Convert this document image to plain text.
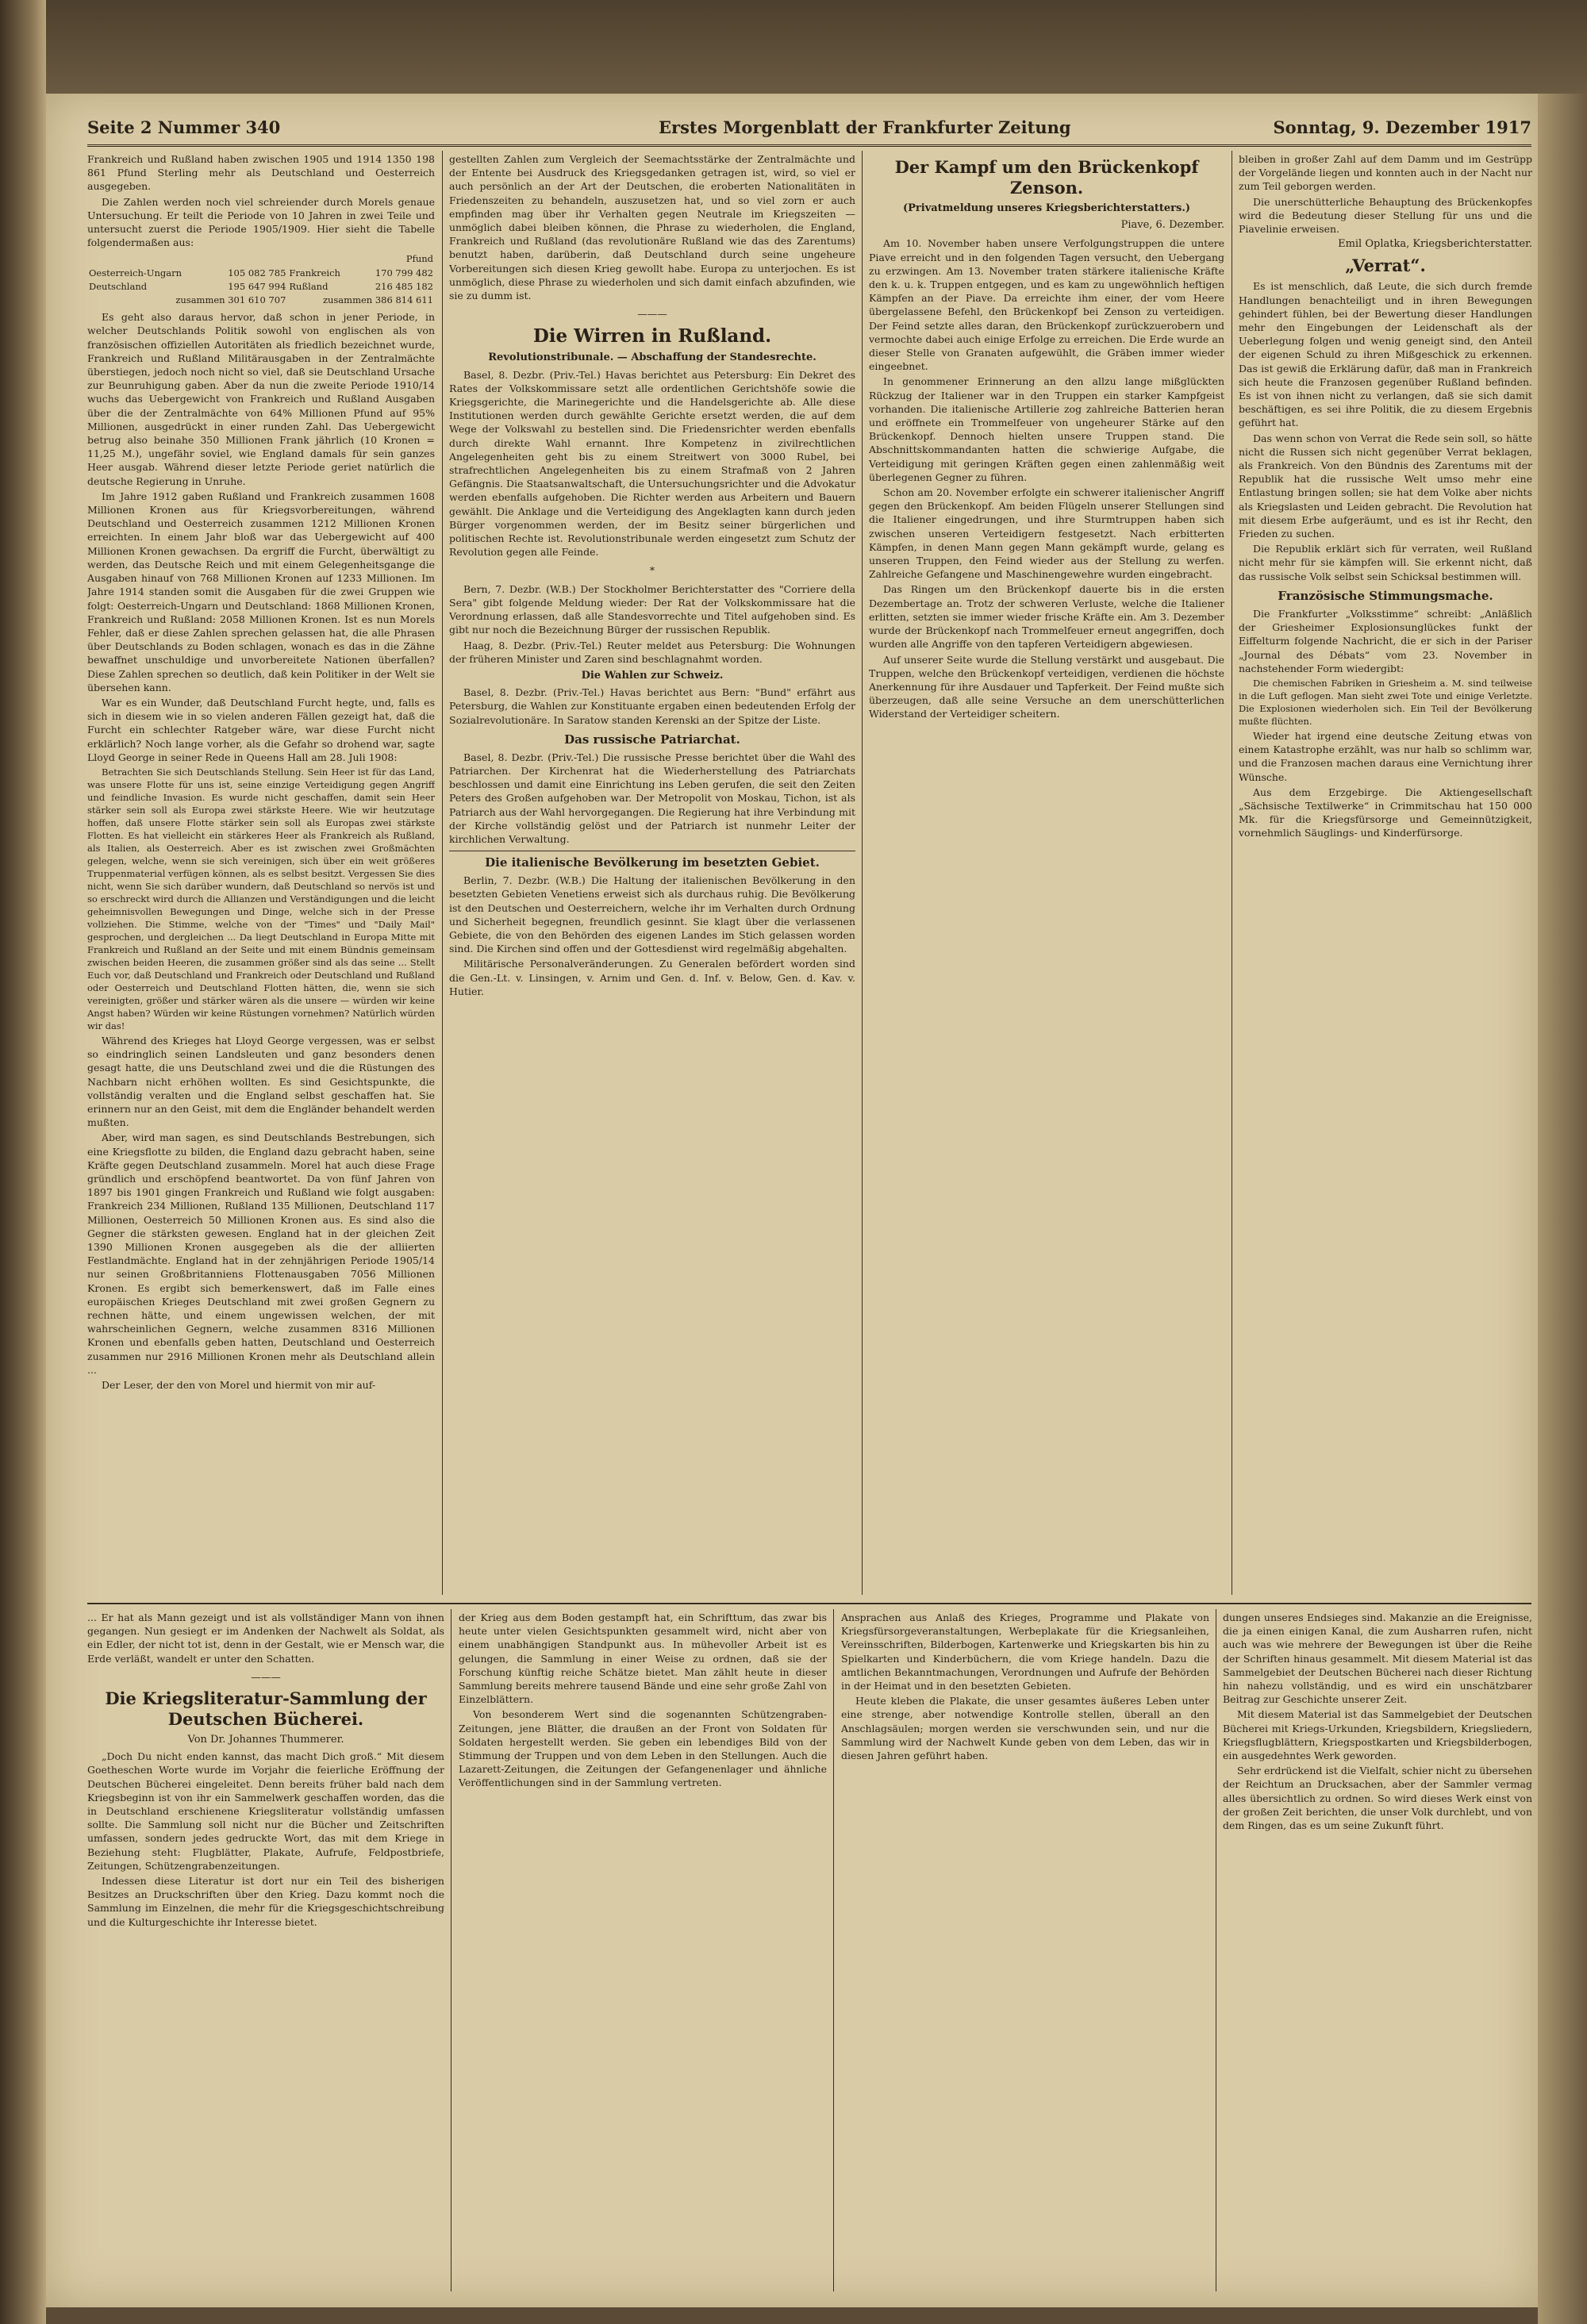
Seite 2 Nummer 340	Erstes Morgenblatt der Frankfurter Zeitung	Sonntag, 9. Dezember 1917

Frankreich und Rußland haben zwischen 1905 und 1914 1350 198 861 Pfund Sterling mehr als Deutschland und Oesterreich ausgegeben.

Die Zahlen werden noch viel schreiender durch Morels genaue Untersuchung. Er teilt die Periode von 10 Jahren in zwei Teile und untersucht zuerst die Periode 1905/1909. Hier sieht die Tabelle folgendermaßen aus:

Pfund			
Oesterreich-Ungarn	105 082 785	Frankreich	170 799 482
Deutschland	195 647 994	Rußland	216 485 182
zusammen 301 610 707		zusammen 386 814 611	

Es geht also daraus hervor, daß schon in jener Periode, in welcher Deutschlands Politik sowohl von englischen als von französischen offiziellen Autoritäten als friedlich bezeichnet wurde, Frankreich und Rußland Militärausgaben in der Zentralmächte überstiegen, jedoch noch nicht so viel, daß sie Deutschland Ursache zur Beunruhigung gaben. Aber da nun die zweite Periode 1910/14 wuchs das Uebergewicht von Frankreich und Rußland Ausgaben über die der Zentralmächte von 64% Millionen Pfund auf 95% Millionen, ausgedrückt in einer runden Zahl. Das Uebergewicht betrug also beinahe 350 Millionen Frank jährlich (10 Kronen = 11,25 M.), ungefähr soviel, wie England damals für sein ganzes Heer ausgab. Während dieser letzte Periode geriet natürlich die deutsche Regierung in Unruhe.

Im Jahre 1912 gaben Rußland und Frankreich zusammen 1608 Millionen Kronen aus für Kriegsvorbereitungen, während Deutschland und Oesterreich zusammen 1212 Millionen Kronen erreichten. In einem Jahr bloß war das Uebergewicht auf 400 Millionen Kronen gewachsen. Da ergriff die Furcht, überwältigt zu werden, das Deutsche Reich und mit einem Gelegenheitsgange die Ausgaben hinauf von 768 Millionen Kronen auf 1233 Millionen. Im Jahre 1914 standen somit die Ausgaben für die zwei Gruppen wie folgt: Oesterreich-Ungarn und Deutschland: 1868 Millionen Kronen, Frankreich und Rußland: 2058 Millionen Kronen. Ist es nun Morels Fehler, daß er diese Zahlen sprechen gelassen hat, die alle Phrasen über Deutschlands zu Boden schlagen, wonach es das in die Zähne bewaffnet unschuldige und unvorbereitete Nationen überfallen? Diese Zahlen sprechen so deutlich, daß kein Politiker in der Welt sie übersehen kann.

War es ein Wunder, daß Deutschland Furcht hegte, und, falls es sich in diesem wie in so vielen anderen Fällen gezeigt hat, daß die Furcht ein schlechter Ratgeber wäre, war diese Furcht nicht erklärlich? Noch lange vorher, als die Gefahr so drohend war, sagte Lloyd George in seiner Rede in Queens Hall am 28. Juli 1908:

Betrachten Sie sich Deutschlands Stellung. Sein Heer ist für das Land, was unsere Flotte für uns ist, seine einzige Verteidigung gegen Angriff und feindliche Invasion. Es wurde nicht geschaffen, damit sein Heer stärker sein soll als Europa zwei stärkste Heere. Wie wir heutzutage hoffen, daß unsere Flotte stärker sein soll als Europas zwei stärkste Flotten. Es hat vielleicht ein stärkeres Heer als Frankreich als Rußland, als Italien, als Oesterreich. Aber es ist zwischen zwei Großmächten gelegen, welche, wenn sie sich vereinigen, sich über ein weit größeres Truppenmaterial verfügen können, als es selbst besitzt. Vergessen Sie dies nicht, wenn Sie sich darüber wundern, daß Deutschland so nervös ist und so erschreckt wird durch die Allianzen und Verständigungen und die leicht geheimnisvollen Bewegungen und Dinge, welche sich in der Presse vollziehen. Die Stimme, welche von der "Times" und "Daily Mail" gesprochen, und dergleichen ... Da liegt Deutschland in Europa Mitte mit Frankreich und Rußland an der Seite und mit einem Bündnis gemeinsam zwischen beiden Heeren, die zusammen größer sind als das seine ... Stellt Euch vor, daß Deutschland und Frankreich oder Deutschland und Rußland oder Oesterreich und Deutschland Flotten hätten, die, wenn sie sich vereinigten, größer und stärker wären als die unsere — würden wir keine Angst haben? Würden wir keine Rüstungen vornehmen? Natürlich würden wir das!

Während des Krieges hat Lloyd George vergessen, was er selbst so eindringlich seinen Landsleuten und ganz besonders denen gesagt hatte, die uns Deutschland zwei und die die Rüstungen des Nachbarn nicht erhöhen wollten. Es sind Gesichtspunkte, die vollständig veralten und die England selbst geschaffen hat. Sie erinnern nur an den Geist, mit dem die Engländer behandelt werden mußten.

Aber, wird man sagen, es sind Deutschlands Bestrebungen, sich eine Kriegsflotte zu bilden, die England dazu gebracht haben, seine Kräfte gegen Deutschland zusammeln. Morel hat auch diese Frage gründlich und erschöpfend beantwortet. Da von fünf Jahren von 1897 bis 1901 gingen Frankreich und Rußland wie folgt ausgaben: Frankreich 234 Millionen, Rußland 135 Millionen, Deutschland 117 Millionen, Oesterreich 50 Millionen Kronen aus. Es sind also die Gegner die stärksten gewesen. England hat in der gleichen Zeit 1390 Millionen Kronen ausgegeben als die der alliierten Festlandmächte. England hat in der zehnjährigen Periode 1905/14 nur seinen Großbritanniens Flottenausgaben 7056 Millionen Kronen. Es ergibt sich bemerkenswert, daß im Falle eines europäischen Krieges Deutschland mit zwei großen Gegnern zu rechnen hätte, und einem ungewissen welchen, der mit wahrscheinlichen Gegnern, welche zusammen 8316 Millionen Kronen und ebenfalls geben hatten, Deutschland und Oesterreich zusammen nur 2916 Millionen Kronen mehr als Deutschland allein ...

Der Leser, der den von Morel und hiermit von mir auf-

gestellten Zahlen zum Vergleich der Seemachtsstärke der Zentralmächte und der Entente bei Ausdruck des Kriegsgedanken getragen ist, wird, so viel er auch persönlich an der Art der Deutschen, die eroberten Nationalitäten in Friedenszeiten zu behandeln, auszusetzen hat, und so viel zorn er auch empfinden mag über ihr Verhalten gegen Neutrale im Kriegszeiten — unmöglich dabei bleiben können, die Phrase zu wiederholen, die England, Frankreich und Rußland (das revolutionäre Rußland wie das des Zarentums) benutzt haben, darüberin, daß Deutschland durch seine ungeheure Vorbereitungen sich diesen Krieg gewollt habe. Europa zu unterjochen. Es ist unmöglich, diese Phrase zu wiederholen und sich damit einfach abzufinden, wie sie zu dumm ist.

———
Die Wirren in Rußland.
Revolutionstribunale. — Abschaffung der Standesrechte.

Basel, 8. Dezbr. (Priv.-Tel.) Havas berichtet aus Petersburg: Ein Dekret des Rates der Volkskommissare setzt alle ordentlichen Gerichtshöfe sowie die Kriegsgerichte, die Marinegerichte und die Handelsgerichte ab. Alle diese Institutionen werden durch gewählte Gerichte ersetzt werden, die auf dem Wege der Volkswahl zu bestellen sind. Die Friedensrichter werden ebenfalls durch direkte Wahl ernannt. Ihre Kompetenz in zivilrechtlichen Angelegenheiten geht bis zu einem Streitwert von 3000 Rubel, bei strafrechtlichen Angelegenheiten bis zu einem Strafmaß von 2 Jahren Gefängnis. Die Staatsanwaltschaft, die Untersuchungsrichter und die Advokatur werden ebenfalls aufgehoben. Die Richter werden aus Arbeitern und Bauern gewählt. Die Anklage und die Verteidigung des Angeklagten kann durch jeden Bürger vorgenommen werden, der im Besitz seiner bürgerlichen und politischen Rechte ist. Revolutionstribunale werden eingesetzt zum Schutz der Revolution gegen alle Feinde.

*

Bern, 7. Dezbr. (W.B.) Der Stockholmer Berichterstatter des "Corriere della Sera" gibt folgende Meldung wieder: Der Rat der Volkskommissare hat die Verordnung erlassen, daß alle Standesvorrechte und Titel aufgehoben sind. Es gibt nur noch die Bezeichnung Bürger der russischen Republik.

Haag, 8. Dezbr. (Priv.-Tel.) Reuter meldet aus Petersburg: Die Wohnungen der früheren Minister und Zaren sind beschlagnahmt worden.

Die Wahlen zur Schweiz.

Basel, 8. Dezbr. (Priv.-Tel.) Havas berichtet aus Bern: "Bund" erfährt aus Petersburg, die Wahlen zur Konstituante ergaben einen bedeutenden Erfolg der Sozialrevolutionäre. In Saratow standen Kerenski an der Spitze der Liste.

Das russische Patriarchat.

Basel, 8. Dezbr. (Priv.-Tel.) Die russische Presse berichtet über die Wahl des Patriarchen. Der Kirchenrat hat die Wiederherstellung des Patriarchats beschlossen und damit eine Einrichtung ins Leben gerufen, die seit den Zeiten Peters des Großen aufgehoben war. Der Metropolit von Moskau, Tichon, ist als Patriarch aus der Wahl hervorgegangen. Die Regierung hat ihre Verbindung mit der Kirche vollständig gelöst und der Patriarch ist nunmehr Leiter der kirchlichen Verwaltung.

Die italienische Bevölkerung im besetzten Gebiet.

Berlin, 7. Dezbr. (W.B.) Die Haltung der italienischen Bevölkerung in den besetzten Gebieten Venetiens erweist sich als durchaus ruhig. Die Bevölkerung ist den Deutschen und Oesterreichern, welche ihr im Verhalten durch Ordnung und Sicherheit begegnen, freundlich gesinnt. Sie klagt über die verlassenen Gebiete, die von den Behörden des eigenen Landes im Stich gelassen worden sind. Die Kirchen sind offen und der Gottesdienst wird regelmäßig abgehalten.

Militärische Personalveränderungen. Zu Generalen befördert worden sind die Gen.-Lt. v. Linsingen, v. Arnim und Gen. d. Inf. v. Below, Gen. d. Kav. v. Hutier.

Der Kampf um den Brückenkopf Zenson.
(Privatmeldung unseres Kriegsberichterstatters.)
Piave, 6. Dezember.

Am 10. November haben unsere Verfolgungstruppen die untere Piave erreicht und in den folgenden Tagen versucht, den Uebergang zu erzwingen. Am 13. November traten stärkere italienische Kräfte den k. u. k. Truppen entgegen, und es kam zu ungewöhnlich heftigen Kämpfen an der Piave. Da erreichte ihm einer, der vom Heere übergelassene Befehl, den Brückenkopf bei Zenson zu verteidigen. Der Feind setzte alles daran, den Brückenkopf zurückzuerobern und vermochte dabei auch einige Erfolge zu erreichen. Die Erde wurde an dieser Stelle von Granaten aufgewühlt, die Gräben immer wieder eingeebnet.

In genommener Erinnerung an den allzu lange mißglückten Rückzug der Italiener war in den Truppen ein starker Kampfgeist vorhanden. Die italienische Artillerie zog zahlreiche Batterien heran und eröffnete ein Trommelfeuer von ungeheurer Stärke auf den Brückenkopf. Dennoch hielten unsere Truppen stand. Die Abschnittskommandanten hatten die schwierige Aufgabe, die Verteidigung mit geringen Kräften gegen einen zahlenmäßig weit überlegenen Gegner zu führen.

Schon am 20. November erfolgte ein schwerer italienischer Angriff gegen den Brückenkopf. Am beiden Flügeln unserer Stellungen sind die Italiener eingedrungen, und ihre Sturmtruppen haben sich zwischen unseren Verteidigern festgesetzt. Nach erbitterten Kämpfen, in denen Mann gegen Mann gekämpft wurde, gelang es unseren Truppen, den Feind wieder aus der Stellung zu werfen. Zahlreiche Gefangene und Maschinengewehre wurden eingebracht.

Das Ringen um den Brückenkopf dauerte bis in die ersten Dezembertage an. Trotz der schweren Verluste, welche die Italiener erlitten, setzten sie immer wieder frische Kräfte ein. Am 3. Dezember wurde der Brückenkopf nach Trommelfeuer erneut angegriffen, doch wurden alle Angriffe von den tapferen Verteidigern abgewiesen.

Auf unserer Seite wurde die Stellung verstärkt und ausgebaut. Die Truppen, welche den Brückenkopf verteidigen, verdienen die höchste Anerkennung für ihre Ausdauer und Tapferkeit. Der Feind mußte sich überzeugen, daß alle seine Versuche an dem unerschütterlichen Widerstand der Verteidiger scheitern.

bleiben in großer Zahl auf dem Damm und im Gestrüpp der Vorgelände liegen und konnten auch in der Nacht nur zum Teil geborgen werden.

Die unerschütterliche Behauptung des Brückenkopfes wird die Bedeutung dieser Stellung für uns und die Piavelinie erweisen.

Emil Oplatka, Kriegsberichterstatter.
„Verrat“.

Es ist menschlich, daß Leute, die sich durch fremde Handlungen benachteiligt und in ihren Bewegungen gehindert fühlen, bei der Bewertung dieser Handlungen mehr den Eingebungen der Leidenschaft als der Ueberlegung folgen und wenig geneigt sind, den Anteil der eigenen Schuld zu ihren Mißgeschick zu erkennen. Das ist gewiß die Erklärung dafür, daß man in Frankreich sich heute die Franzosen gegenüber Rußland befinden. Es ist von ihnen nicht zu verlangen, daß sie sich damit beschäftigen, es sei ihre Politik, die zu diesem Ergebnis geführt hat.

Das wenn schon von Verrat die Rede sein soll, so hätte nicht die Russen sich nicht gegenüber Verrat beklagen, als Frankreich. Von den Bündnis des Zarentums mit der Republik hat die russische Welt umso mehr eine Entlastung bringen sollen; sie hat dem Volke aber nichts als Kriegslasten und Leiden gebracht. Die Revolution hat mit diesem Erbe aufgeräumt, und es ist ihr Recht, den Frieden zu suchen.

Die Republik erklärt sich für verraten, weil Rußland nicht mehr für sie kämpfen will. Sie erkennt nicht, daß das russische Volk selbst sein Schicksal bestimmen will.

Französische Stimmungsmache.

Die Frankfurter „Volksstimme“ schreibt: „Anläßlich der Griesheimer Explosionsunglückes funkt der Eiffelturm folgende Nachricht, die er sich in der Pariser „Journal des Débats“ vom 23. November in nachstehender Form wiedergibt:

Die chemischen Fabriken in Griesheim a. M. sind teilweise in die Luft geflogen. Man sieht zwei Tote und einige Verletzte. Die Explosionen wiederholen sich. Ein Teil der Bevölkerung mußte flüchten.

Wieder hat irgend eine deutsche Zeitung etwas von einem Katastrophe erzählt, was nur halb so schlimm war, und die Franzosen machen daraus eine Vernichtung ihrer Wünsche.

Aus dem Erzgebirge. Die Aktiengesellschaft „Sächsische Textilwerke“ in Crimmitschau hat 150 000 Mk. für die Kriegsfürsorge und Gemeinnützigkeit, vornehmlich Säuglings- und Kinderfürsorge.

... Er hat als Mann gezeigt und ist als vollständiger Mann von ihnen gegangen. Nun gesiegt er im Andenken der Nachwelt als Soldat, als ein Edler, der nicht tot ist, denn in der Gestalt, wie er Mensch war, die Erde verläßt, wandelt er unter den Schatten.

———
Die Kriegsliteratur-Sammlung der Deutschen Bücherei.
Von Dr. Johannes Thummerer.

„Doch Du nicht enden kannst, das macht Dich groß.“ Mit diesem Goetheschen Worte wurde im Vorjahr die feierliche Eröffnung der Deutschen Bücherei eingeleitet. Denn bereits früher bald nach dem Kriegsbeginn ist von ihr ein Sammelwerk geschaffen worden, das die in Deutschland erschienene Kriegsliteratur vollständig umfassen sollte. Die Sammlung soll nicht nur die Bücher und Zeitschriften umfassen, sondern jedes gedruckte Wort, das mit dem Kriege in Beziehung steht: Flugblätter, Plakate, Aufrufe, Feldpostbriefe, Zeitungen, Schützengrabenzeitungen.

Indessen diese Literatur ist dort nur ein Teil des bisherigen Besitzes an Druckschriften über den Krieg. Dazu kommt noch die Sammlung im Einzelnen, die mehr für die Kriegsgeschichtschreibung und die Kulturgeschichte ihr Interesse bietet.

der Krieg aus dem Boden gestampft hat, ein Schrifttum, das zwar bis heute unter vielen Gesichtspunkten gesammelt wird, nicht aber von einem unabhängigen Standpunkt aus. In mühevoller Arbeit ist es gelungen, die Sammlung in einer Weise zu ordnen, daß sie der Forschung künftig reiche Schätze bietet. Man zählt heute in dieser Sammlung bereits mehrere tausend Bände und eine sehr große Zahl von Einzelblättern.

Von besonderem Wert sind die sogenannten Schützengraben-Zeitungen, jene Blätter, die draußen an der Front von Soldaten für Soldaten hergestellt werden. Sie geben ein lebendiges Bild von der Stimmung der Truppen und von dem Leben in den Stellungen. Auch die Lazarett-Zeitungen, die Zeitungen der Gefangenenlager und ähnliche Veröffentlichungen sind in der Sammlung vertreten.

Ansprachen aus Anlaß des Krieges, Programme und Plakate von Kriegsfürsorgeveranstaltungen, Werbeplakate für die Kriegsanleihen, Vereinsschriften, Bilderbogen, Kartenwerke und Kriegskarten bis hin zu Spielkarten und Kinderbüchern, die vom Kriege handeln. Dazu die amtlichen Bekanntmachungen, Verordnungen und Aufrufe der Behörden in der Heimat und in den besetzten Gebieten.

Heute kleben die Plakate, die unser gesamtes äußeres Leben unter eine strenge, aber notwendige Kontrolle stellen, überall an den Anschlagsäulen; morgen werden sie verschwunden sein, und nur die Sammlung wird der Nachwelt Kunde geben von dem Leben, das wir in diesen Jahren geführt haben.

dungen unseres Endsieges sind. Makanzie an die Ereignisse, die ja einen einigen Kanal, die zum Ausharren rufen, nicht auch was wie mehrere der Bewegungen ist über die Reihe der Schriften hinaus gesammelt. Mit diesem Material ist das Sammelgebiet der Deutschen Bücherei nach dieser Richtung hin nahezu vollständig, und es wird ein unschätzbarer Beitrag zur Geschichte unserer Zeit.

Mit diesem Material ist das Sammelgebiet der Deutschen Bücherei mit Kriegs-Urkunden, Kriegsbildern, Kriegsliedern, Kriegsflugblättern, Kriegspostkarten und Kriegsbilderbogen, ein ausgedehntes Werk geworden.

Sehr erdrückend ist die Vielfalt, schier nicht zu übersehen der Reichtum an Drucksachen, aber der Sammler vermag alles übersichtlich zu ordnen. So wird dieses Werk einst von der großen Zeit berichten, die unser Volk durchlebt, und von dem Ringen, das es um seine Zukunft führt.
